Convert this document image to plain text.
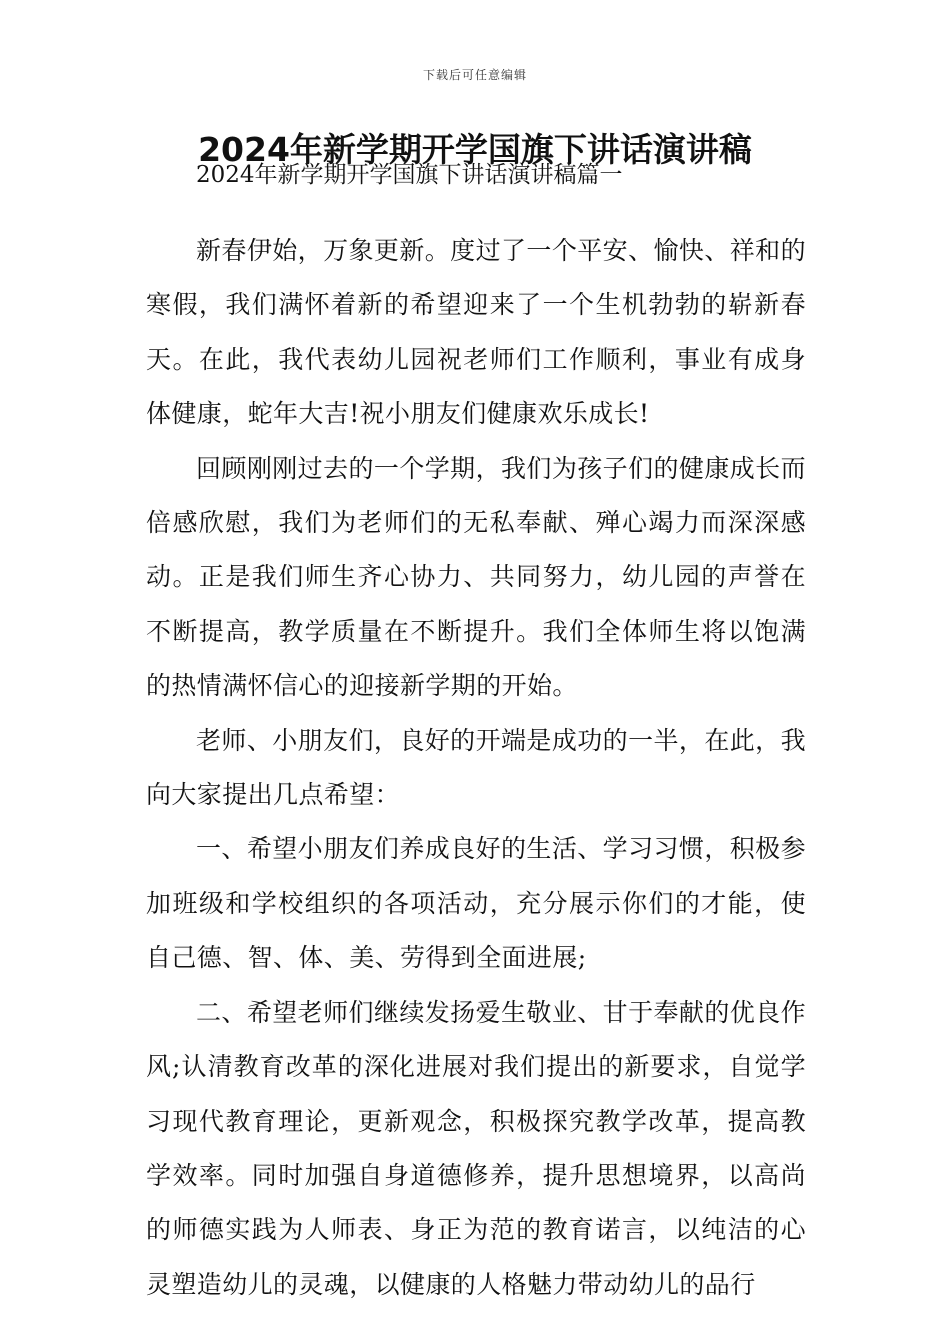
下载后可任意编辑
2024年新学期开学国旗下讲话演讲稿
2024年新学期开学国旗下讲话演讲稿篇一

新春伊始，万象更新。度过了一个平安、愉快、祥和的寒假，我们满怀着新的希望迎来了一个生机勃勃的崭新春天。在此，我代表幼儿园祝老师们工作顺利，事业有成身体健康，蛇年大吉!祝小朋友们健康欢乐成长!

回顾刚刚过去的一个学期，我们为孩子们的健康成长而倍感欣慰，我们为老师们的无私奉献、殚心竭力而深深感动。正是我们师生齐心协力、共同努力，幼儿园的声誉在不断提高，教学质量在不断提升。我们全体师生将以饱满的热情满怀信心的迎接新学期的开始。

老师、小朋友们，良好的开端是成功的一半，在此，我向大家提出几点希望：

一、希望小朋友们养成良好的生活、学习习惯，积极参加班级和学校组织的各项活动，充分展示你们的才能，使自己德、智、体、美、劳得到全面进展;

二、希望老师们继续发扬爱生敬业、甘于奉献的优良作风;认清教育改革的深化进展对我们提出的新要求，自觉学习现代教育理论，更新观念，积极探究教学改革，提高教学效率。同时加强自身道德修养，提升思想境界，以高尚的师德实践为人师表、身正为范的教育诺言，以纯洁的心灵塑造幼儿的灵魂，以健康的人格魅力带动幼儿的品行
